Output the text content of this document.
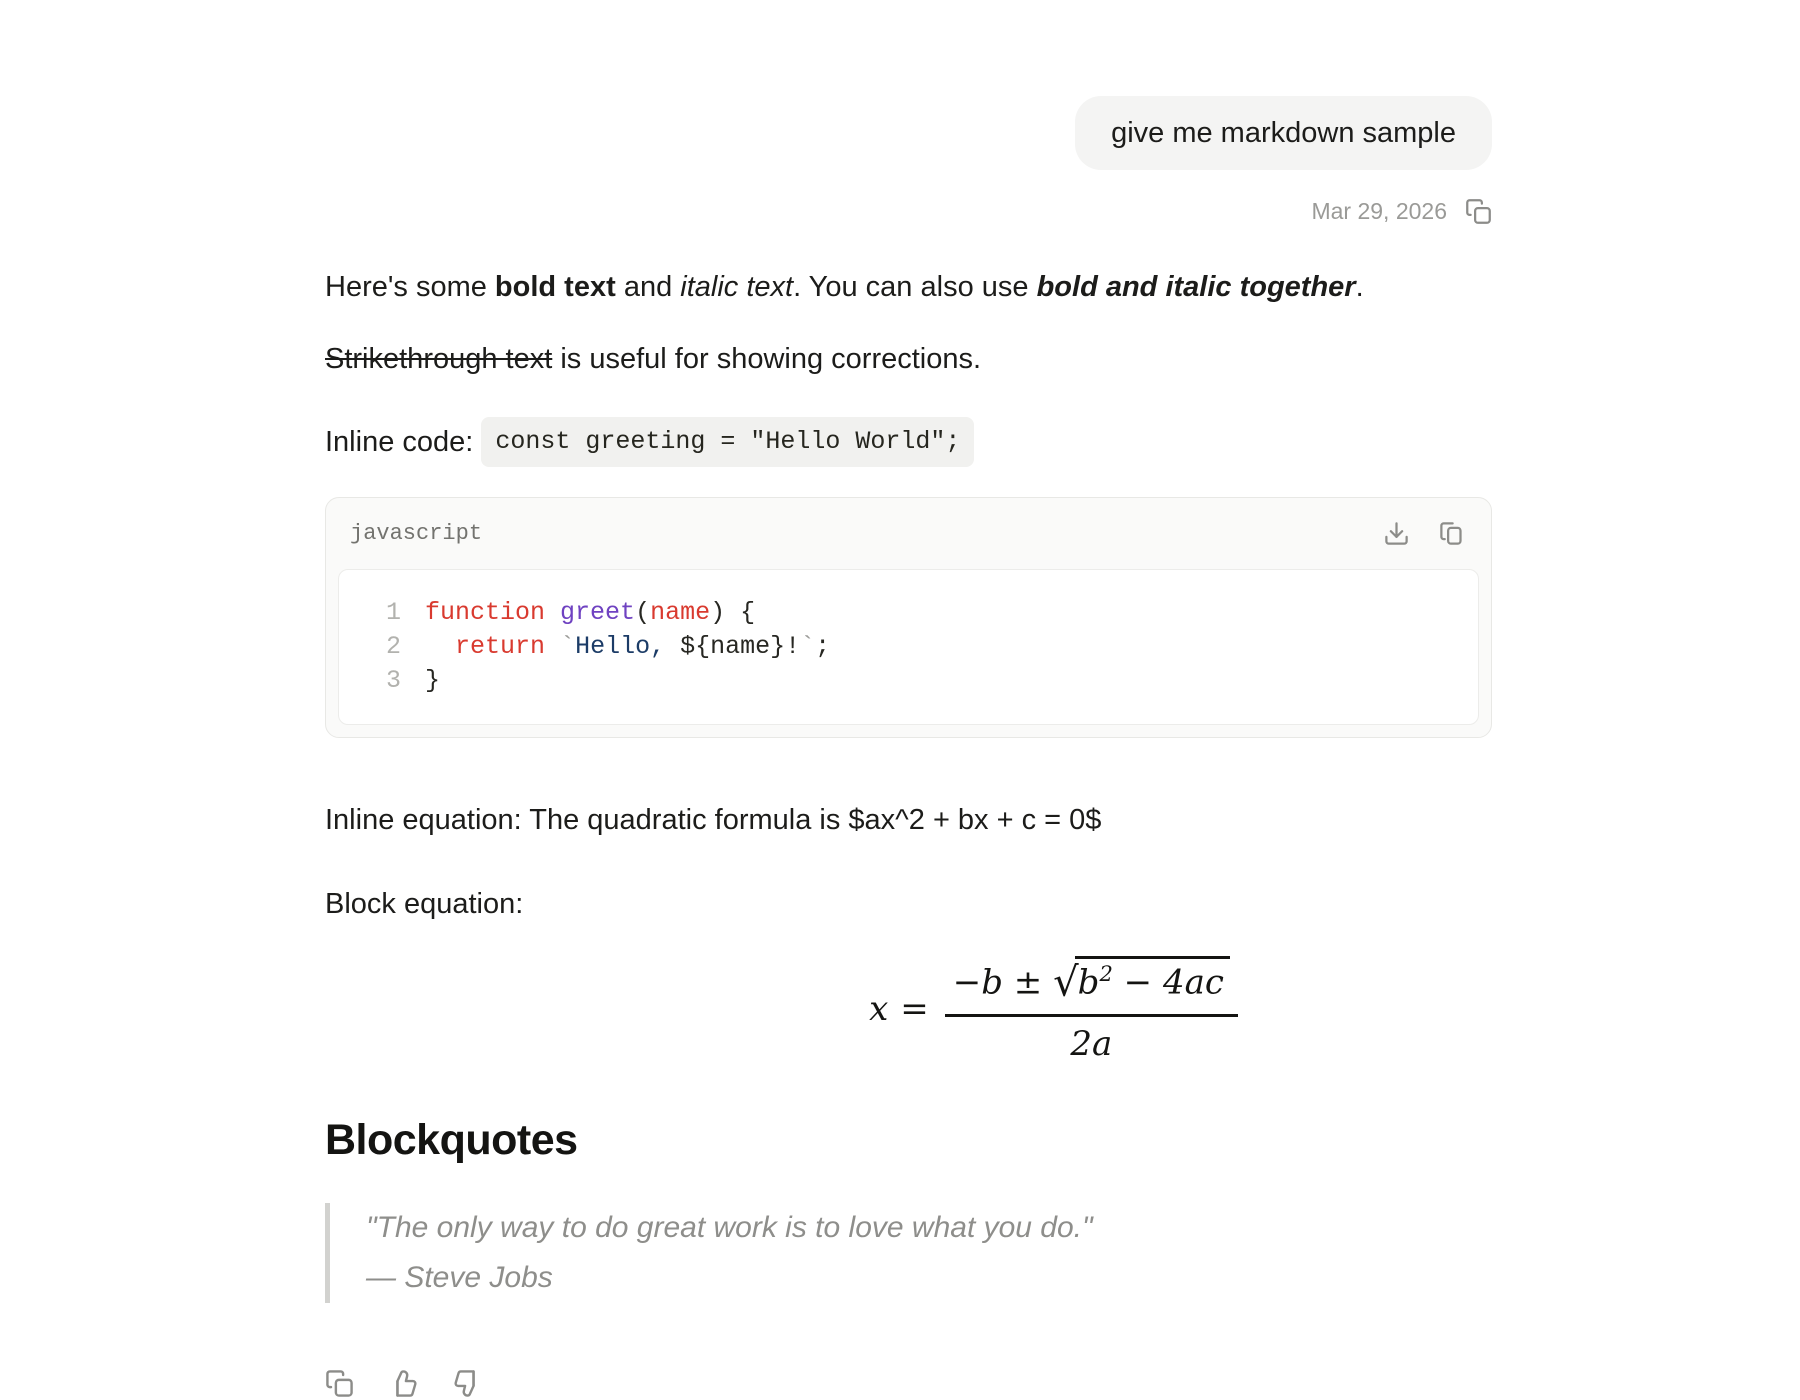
give me markdown sample
Mar 29, 2026

Here's some bold text and italic text. You can also use bold and italic together.

Strikethrough text is useful for showing corrections.

Inline code: const greeting = "Hello World";

javascript
1 function greet(name) {
2 return `Hello, ${name}!`;
3 }

Inline equation: The quadratic formula is $ax^2 + bx + c = 0$

Block equation:

$x = \frac{-b \pm √b^2 - 4ac}{2a}$
Blockquotes
"The only way to do great work is to love what you do."
— Steve Jobs
